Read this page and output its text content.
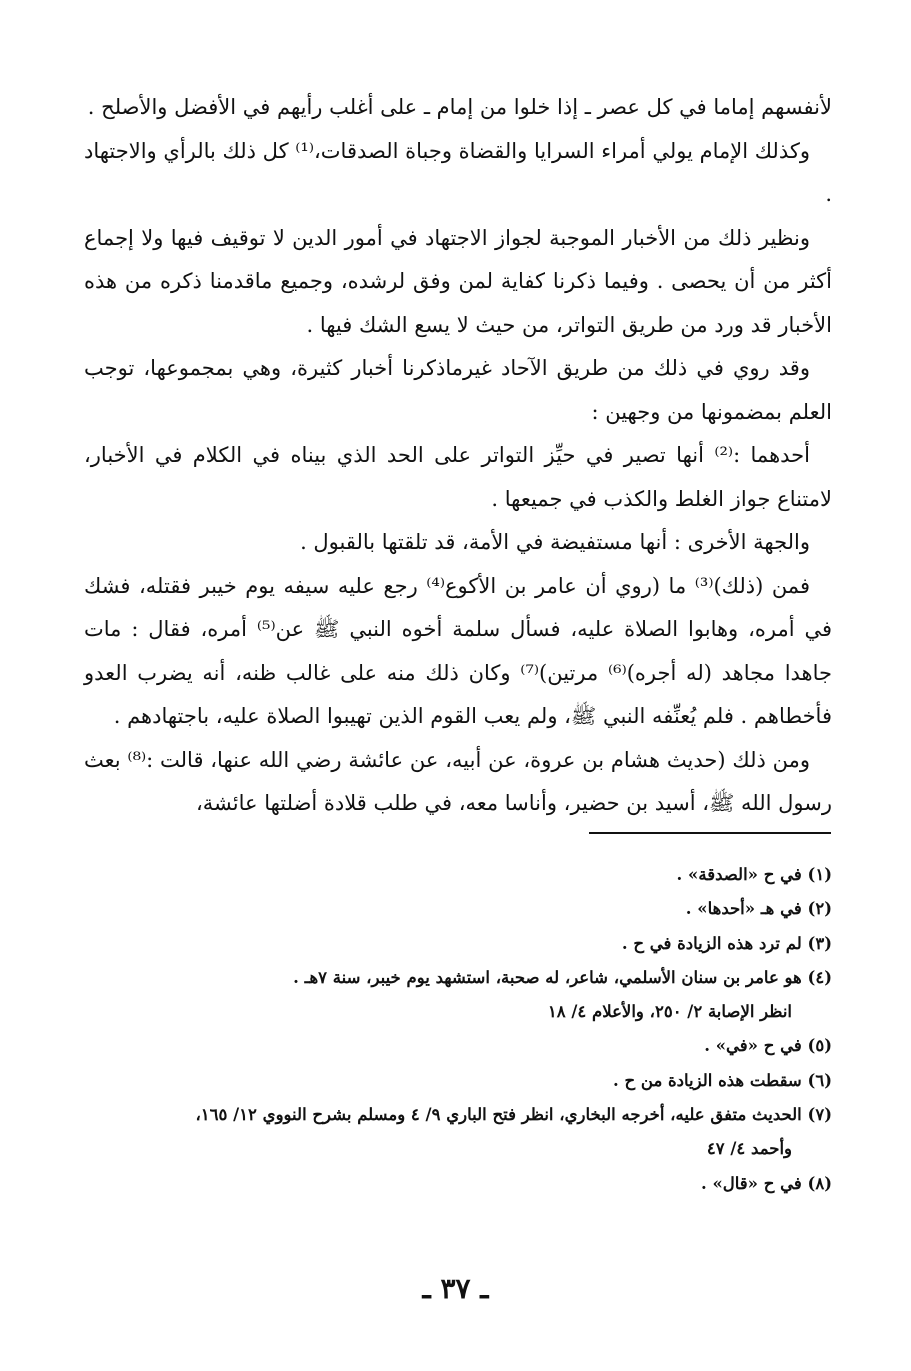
لأنفسهم إماما في كل عصر ـ إذا خلوا من إمام ـ على أغلب رأيهم في الأفضل والأصلح .

وكذلك الإمام يولي أمراء السرايا والقضاة وجباة الصدقات،⁽¹⁾ كل ذلك بالرأي والاجتهاد .

ونظير ذلك من الأخبار الموجبة لجواز الاجتهاد في أمور الدين لا توقيف فيها ولا إجماع أكثر من أن يحصى . وفيما ذكرنا كفاية لمن وفق لرشده، وجميع ماقدمنا ذكره من هذه الأخبار قد ورد من طريق التواتر، من حيث لا يسع الشك فيها .

وقد روي في ذلك من طريق الآحاد غيرماذكرنا أخبار كثيرة، وهي بمجموعها، توجب العلم بمضمونها من وجهين :

أحدهما :⁽²⁾ أنها تصير في حيِّز التواتر على الحد الذي بيناه في الكلام في الأخبار، لامتناع جواز الغلط والكذب في جميعها .

والجهة الأخرى : أنها مستفيضة في الأمة، قد تلقتها بالقبول .

فمن (ذلك)⁽³⁾ ما (روي أن عامر بن الأكوع⁽⁴⁾ رجع عليه سيفه يوم خيبر فقتله، فشك في أمره، وهابوا الصلاة عليه، فسأل سلمة أخوه النبي ﷺ عن⁽⁵⁾ أمره، فقال : مات جاهدا مجاهد (له أجره)⁽⁶⁾ مرتين)⁽⁷⁾ وكان ذلك منه على غالب ظنه، أنه يضرب العدو فأخطاهم . فلم يُعنِّفه النبي ﷺ، ولم يعب القوم الذين تهيبوا الصلاة عليه، باجتهادهم .

ومن ذلك (حديث هشام بن عروة، عن أبيه، عن عائشة رضي الله عنها، قالت :⁽⁸⁾ بعث رسول الله ﷺ، أسيد بن حضير، وأناسا معه، في طلب قلادة أضلتها عائشة،

(١) في ح «الصدقة» .

(٢) في هـ «أحدها» .

(٣) لم ترد هذه الزيادة في ح .

(٤) هو عامر بن سنان الأسلمي، شاعر، له صحبة، استشهد يوم خيبر، سنة ٧هـ .

انظر الإصابة ٢/ ٢٥٠، والأعلام ٤/ ١٨

(٥) في ح «في» .

(٦) سقطت هذه الزيادة من ح .

(٧) الحديث متفق عليه، أخرجه البخاري، انظر فتح الباري ٩/ ٤ ومسلم بشرح النووي ١٢/ ١٦٥،

وأحمد ٤/ ٤٧

(٨) في ح «قال» .

ـ ٣٧ ـ
